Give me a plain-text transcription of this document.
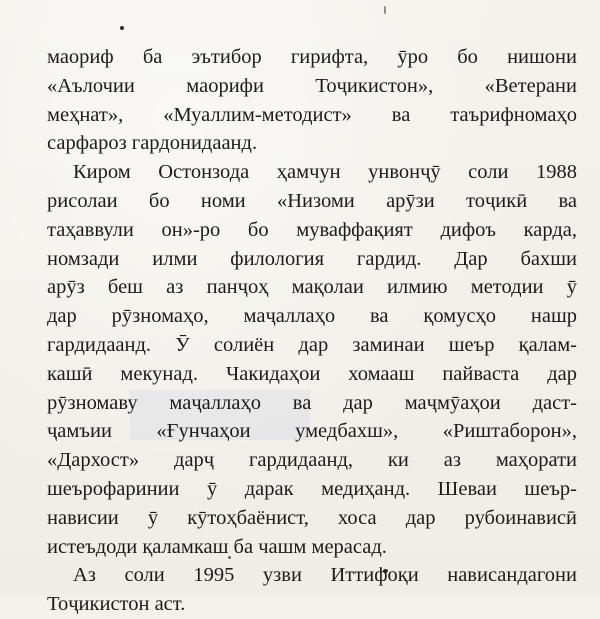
маориф ба эътибор гирифта, ӯро бо нишони
«Аълочии маорифи Тоҷикистон», «Ветерани
меҳнат», «Муаллим-методист» ва таърифномаҳо
сарфароз гардонидаанд.
Киром Остонзода ҳамчун унвонҷӯ соли 1988
рисолаи бо номи «Низоми арӯзи тоҷикӣ ва
таҳаввули он»-ро бо муваффақият дифоъ карда,
номзади илми филология гардид. Дар бахши
арӯз беш аз панҷоҳ мақолаи илмию методии ӯ
дар рӯзномаҳо, маҷаллаҳо ва қомусҳо нашр
гардидаанд. Ӯ солиён дар заминаи шеър қалам-
кашӣ мекунад. Чакидаҳои хомааш пайваста дар
рӯзномаву маҷаллаҳо ва дар маҷмӯаҳои даст-
ҷамъии «Ғунчаҳои умедбахш», «Риштаборон»,
«Дархост» дарҷ гардидаанд, ки аз маҳорати
шеърофаринии ӯ дарак медиҳанд. Шеваи шеър-
нависии ӯ кӯтоҳбаёнист, хоса дар рубоинависӣ
истеъдоди қаламкаш ба чашм мерасад.
Аз соли 1995 узви Иттифоқи нависандагони
Тоҷикистон аст.
